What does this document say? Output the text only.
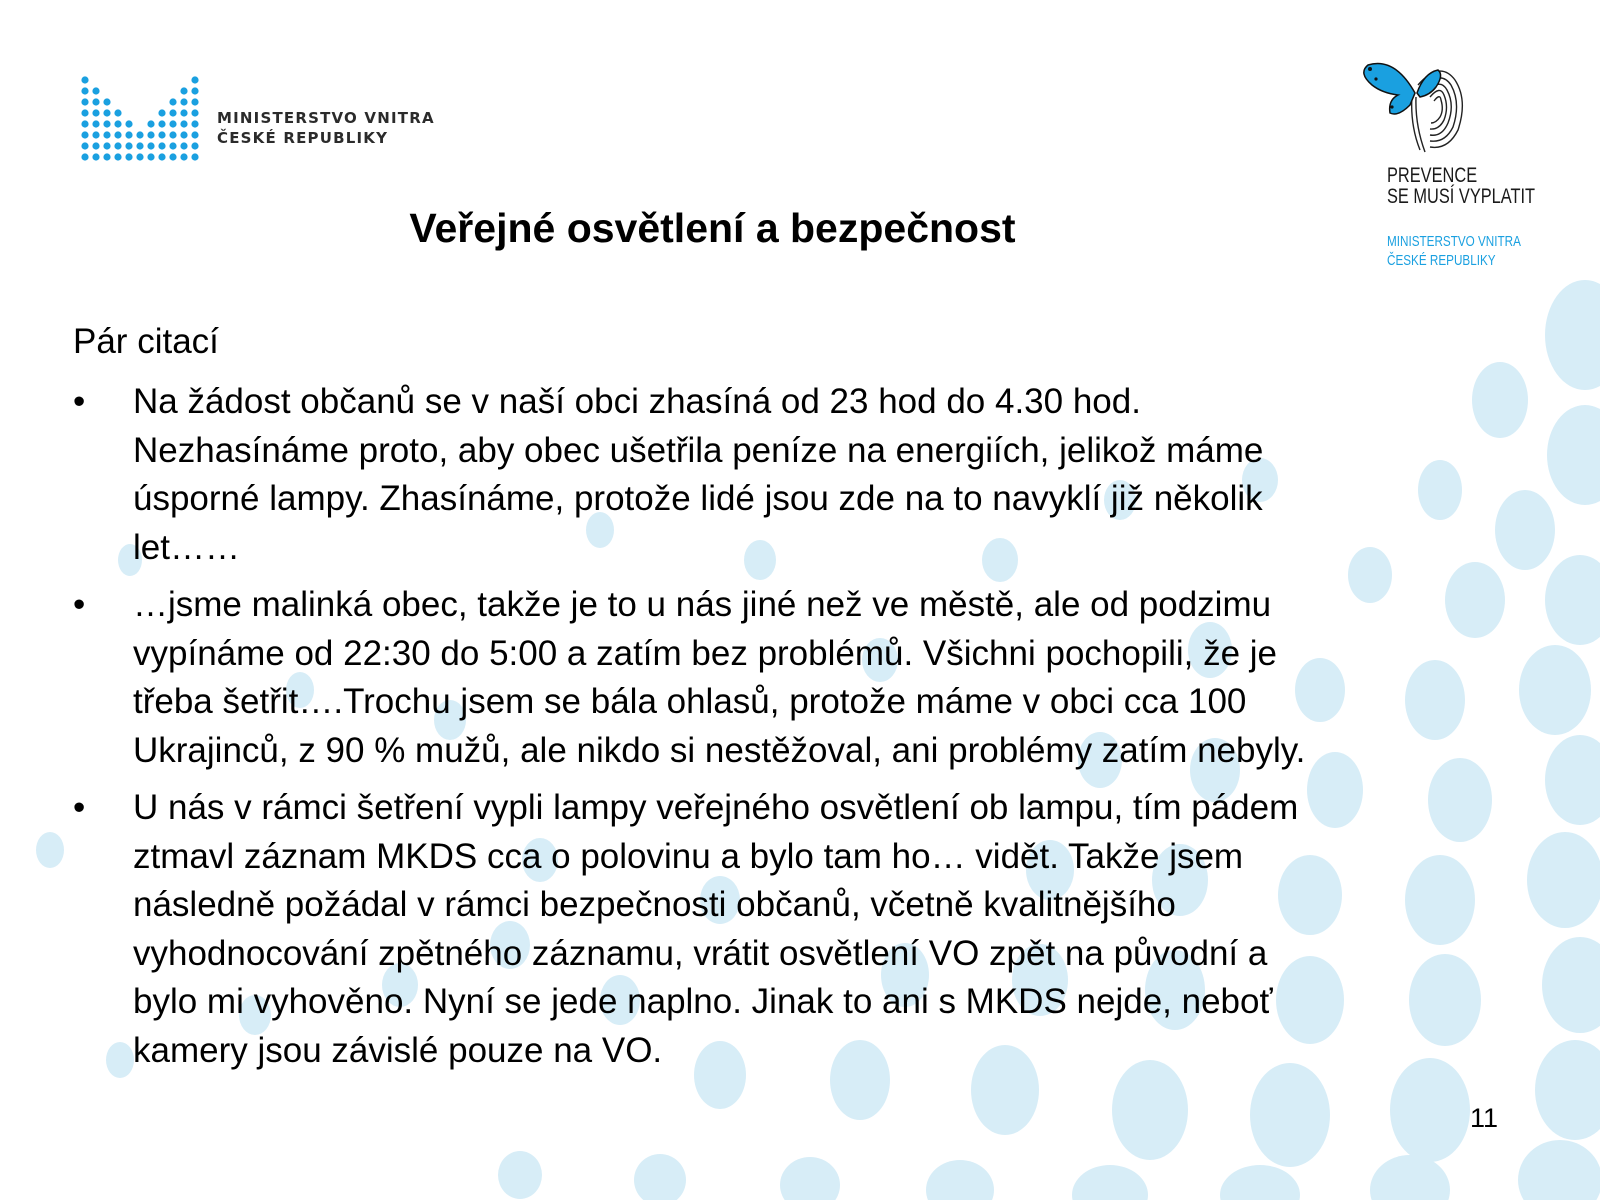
MINISTERSTVO VNITRA
ČESKÉ REPUBLIKY
PREVENCE
SE MUSÍ VYPLATIT
MINISTERSTVO VNITRA
ČESKÉ REPUBLIKY
Veřejné osvětlení a bezpečnost
Pár citací
• Na žádost občanů se v naší obci zhasíná od 23 hod do 4.30 hod.
Nezhasínáme proto, aby obec ušetřila peníze na energiích, jelikož máme
úsporné lampy. Zhasínáme, protože lidé jsou zde na to navyklí již několik
let……
• …jsme malinká obec, takže je to u nás jiné než ve městě, ale od podzimu
vypínáme od 22:30 do 5:00 a zatím bez problémů. Všichni pochopili, že je
třeba šetřit….Trochu jsem se bála ohlasů, protože máme v obci cca 100
Ukrajinců, z 90 % mužů, ale nikdo si nestěžoval, ani problémy zatím nebyly.
• U nás v rámci šetření vypli lampy veřejného osvětlení ob lampu, tím pádem
ztmavl záznam MKDS cca o polovinu a bylo tam ho… vidět. Takže jsem
následně požádal v rámci bezpečnosti občanů, včetně kvalitnějšího
vyhodnocování zpětného záznamu, vrátit osvětlení VO zpět na původní a
bylo mi vyhověno. Nyní se jede naplno. Jinak to ani s MKDS nejde, neboť
kamery jsou závislé pouze na VO.
11
